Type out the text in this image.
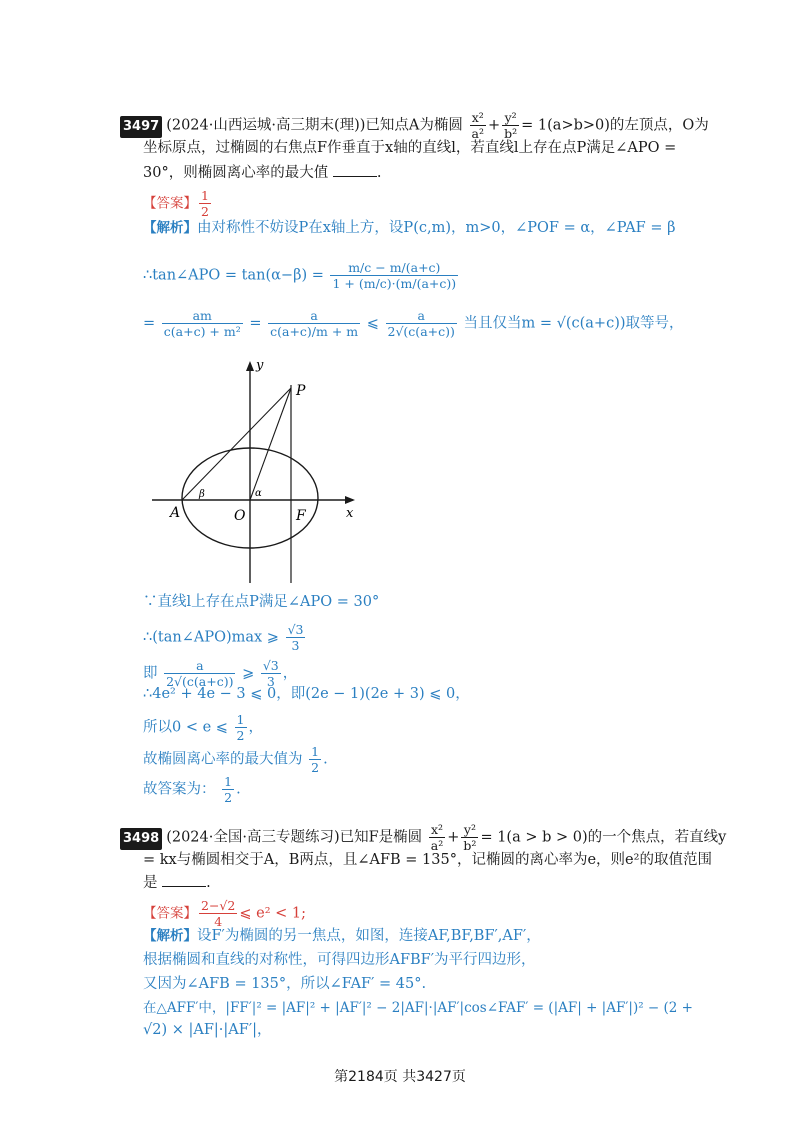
3497 (2024·山西运城·高三期末(理))已知点A为椭圆 $\frac{\text{x²}}{\text{a²}} + \frac{\text{y²}}{\text{b²}} = 1(a>b>0)$的左顶点，O为
坐标原点，过椭圆的右焦点F作垂直于x轴的直线l，若直线l上存在点P满足∠APO =
30°，则椭圆离心率的最大值	.
【答案】 $\frac{1}{2}$
【解析】由对称性不妨设P在x轴上方，设P(c,m)，m>0，∠POF = α，∠PAF = β
∴tan∠APO = $\tan(\alpha-\beta) = \frac{m/c - m/(a+c)}{1 + (m/c)\cdot(m/(a+c))}$
= $\frac{am}{\text{c(a+c) + m²}} = \frac{a}{c(a+c)/m + m}$ ⩽ $\frac{a}{2√(c(a+c))}$ 当且仅当m = √(c(a+c))取等号，
y
x
P
A	O	F
α
β
∵直线l上存在点P满足∠APO = 30°
∴(tan∠APO)max ⩾ $\frac{√3}{3}$
即 $\frac{a}{2√(c(a+c))}$ ⩾ $\frac{√3}{3}$ ，
∴4e² + 4e − 3 ⩽ 0，即(2e − 1)(2e + 3) ⩽ 0，
所以0 < e ⩽ $\frac{1}{2}$ ，
故椭圆离心率的最大值为 $\frac{1}{2}$ .
故答案为： $\frac{1}{2}$ .
3498 (2024·全国·高三专题练习)已知F是椭圆 $\frac{\text{x²}}{\text{a²}} + \frac{\text{y²}}{\text{b²}} = 1(a > b > 0)$的一个焦点，若直线y
= kx与椭圆相交于A，B两点，且∠AFB = 135°，记椭圆的离心率为e，则e²的取值范围
是	.
【答案】 $\frac{2-√2}{4}$ ⩽ e² < 1;
【解析】设F′为椭圆的另一焦点，如图，连接AF,BF,BF′,AF′，
根据椭圆和直线的对称性，可得四边形AFBF′为平行四边形，
又因为∠AFB = 135°，所以∠FAF′ = 45°.
在△AFF′中，|FF′|² = |AF|² + |AF′|² − 2|AF|·|AF′|cos∠FAF′ = (|AF| + |AF′|)² − (2 +
√2) × |AF|·|AF′|，
第2184页 共3427页
